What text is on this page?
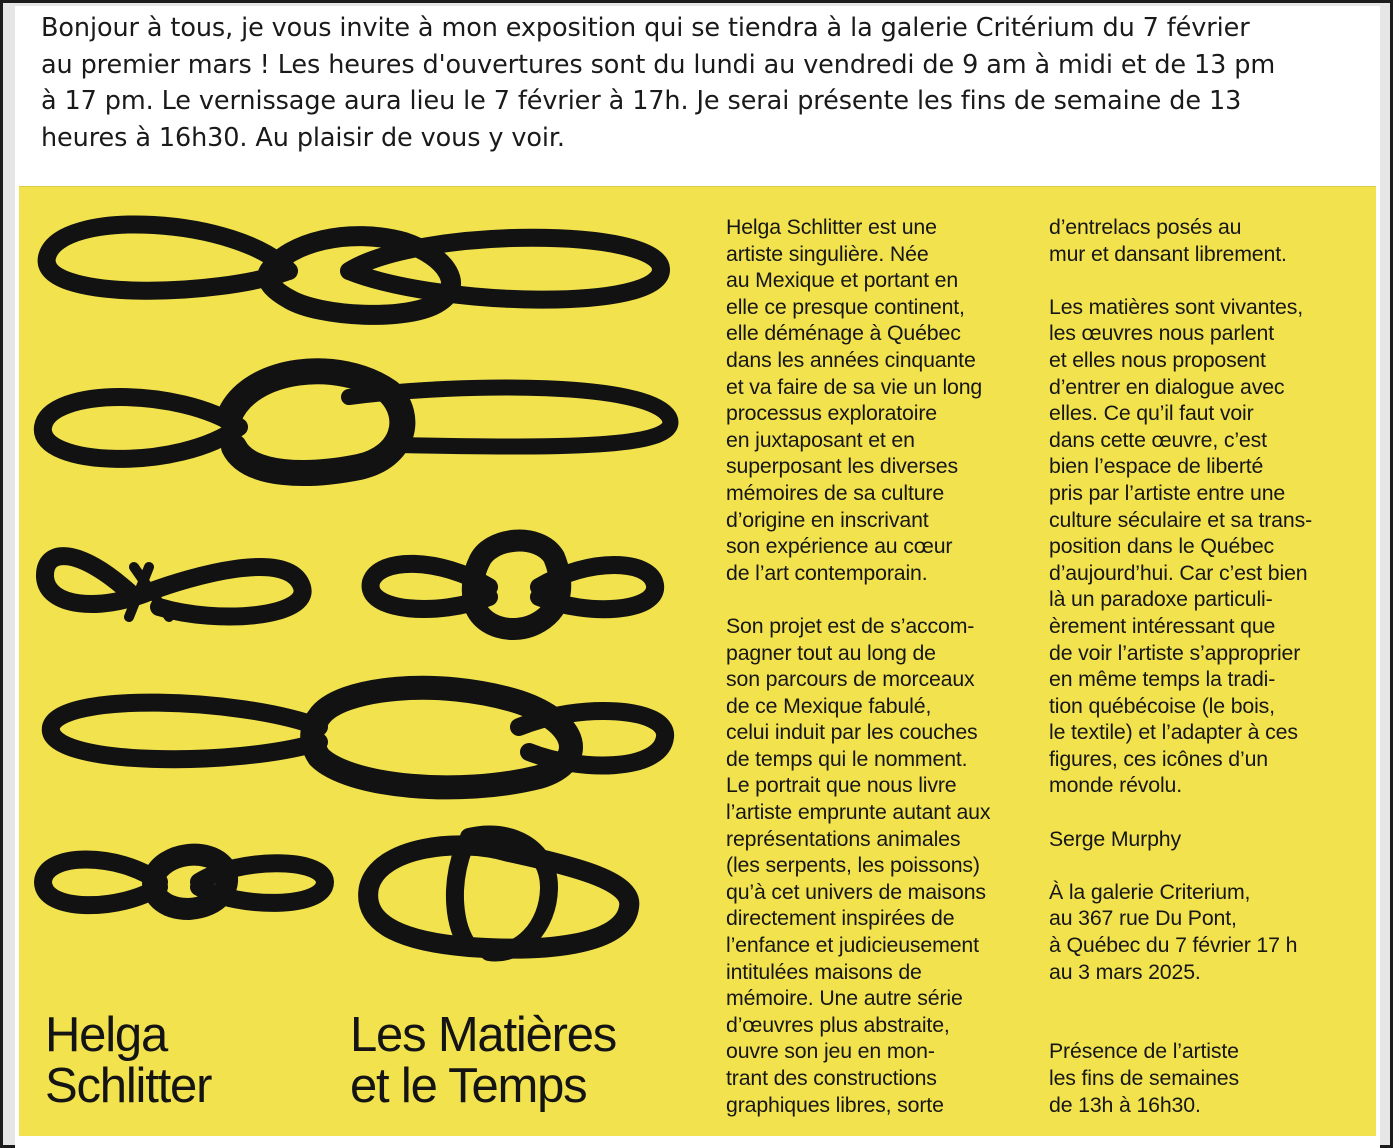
Bonjour à tous, je vous invite à mon exposition qui se tiendra à la galerie Critérium du 7 février
au premier mars ! Les heures d'ouvertures sont du lundi au vendredi de 9 am à midi et de 13 pm
à 17 pm. Le vernissage aura lieu le 7 février à 17h. Je serai présente les fins de semaine de 13
heures à 16h30. Au plaisir de vous y voir.
Helga
Schlitter
Les Matières
et le Temps
Helga Schlitter est une
artiste singulière. Née
au Mexique et portant en
elle ce presque continent,
elle déménage à Québec
dans les années cinquante
et va faire de sa vie un long
processus exploratoire
en juxtaposant et en
superposant les diverses
mémoires de sa culture
d’origine en inscrivant
son expérience au cœur
de l’art contemporain.
Son projet est de s’accom-
pagner tout au long de
son parcours de morceaux
de ce Mexique fabulé,
celui induit par les couches
de temps qui le nomment.
Le portrait que nous livre
l’artiste emprunte autant aux
représentations animales
(les serpents, les poissons)
qu’à cet univers de maisons
directement inspirées de
l’enfance et judicieusement
intitulées maisons de
mémoire. Une autre série
d’œuvres plus abstraite,
ouvre son jeu en mon-
trant des constructions
graphiques libres, sorte
d’entrelacs posés au
mur et dansant librement.
Les matières sont vivantes,
les œuvres nous parlent
et elles nous proposent
d’entrer en dialogue avec
elles. Ce qu’il faut voir
dans cette œuvre, c’est
bien l’espace de liberté
pris par l’artiste entre une
culture séculaire et sa trans-
position dans le Québec
d’aujourd’hui. Car c’est bien
là un paradoxe particuli-
èrement intéressant que
de voir l’artiste s’approprier
en même temps la tradi-
tion québécoise (le bois,
le textile) et l’adapter à ces
figures, ces icônes d’un
monde révolu.
Serge Murphy
À la galerie Criterium,
au 367 rue Du Pont,
à Québec du 7 février 17 h
au 3 mars 2025.
Présence de l’artiste
les fins de semaines
de 13h à 16h30.
